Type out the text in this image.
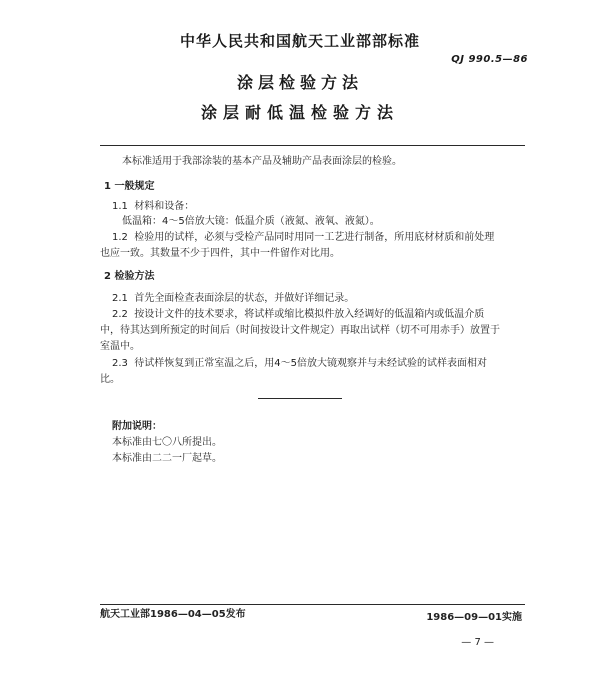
中华人民共和国航天工业部部标准
QJ 990.5—86
涂层检验方法
涂层耐低温检验方法
本标准适用于我部涂装的基本产品及辅助产品表面涂层的检验。
1 一般规定
1.1 材料和设备：
低温箱：4～5倍放大镜：低温介质（液氮、液氧、液氮）。
1.2 检验用的试样，必须与受检产品同时用同一工艺进行制备，所用底材材质和前处理
也应一致。其数量不少于四件，其中一件留作对比用。
2 检验方法
2.1 首先全面检查表面涂层的状态，并做好详细记录。
2.2 按设计文件的技术要求，将试样或缩比模拟件放入经调好的低温箱内或低温介质
中，待其达到所预定的时间后（时间按设计文件规定）再取出试样（切不可用赤手）放置于
室温中。
2.3 待试样恢复到正常室温之后，用4～5倍放大镜观察并与未经试验的试样表面相对
比。
附加说明：
本标准由七〇八所提出。
本标准由二二一厂起草。
航天工业部1986—04—05发布	1986—09—01实施
— 7 —
